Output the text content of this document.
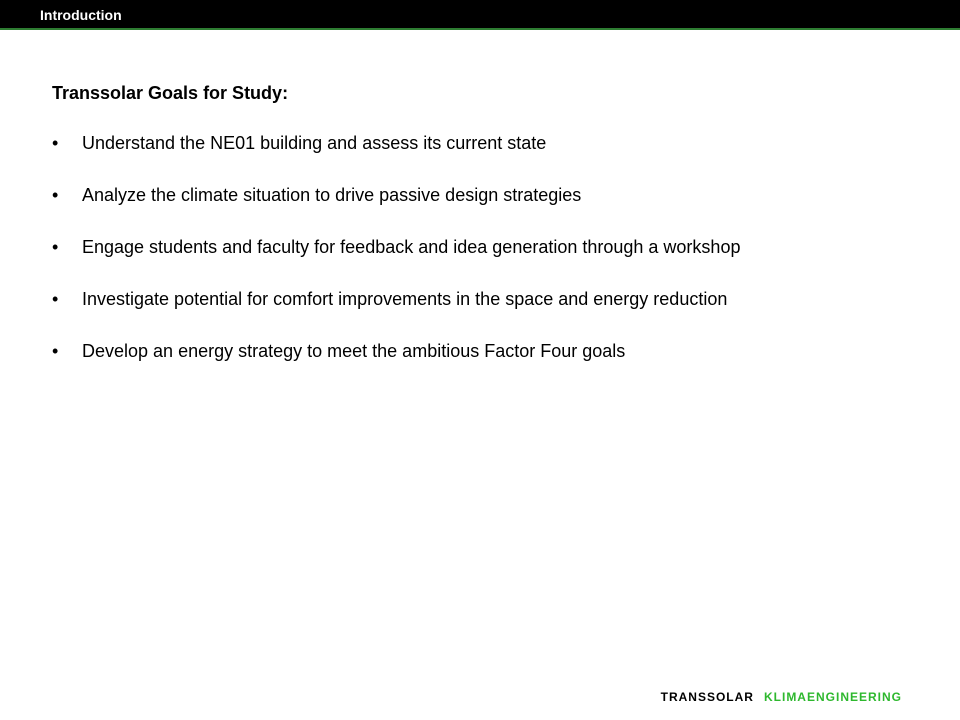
Introduction
Transsolar Goals for Study:
•	Understand the NE01 building and assess its current state
•	Analyze the climate situation to drive passive design strategies
•	Engage students and faculty for feedback and idea generation through a workshop
•	Investigate potential for comfort improvements in the space and energy reduction
•	Develop an energy strategy to meet the ambitious Factor Four goals
TRANSSOLAR KLIMAENGINEERING
